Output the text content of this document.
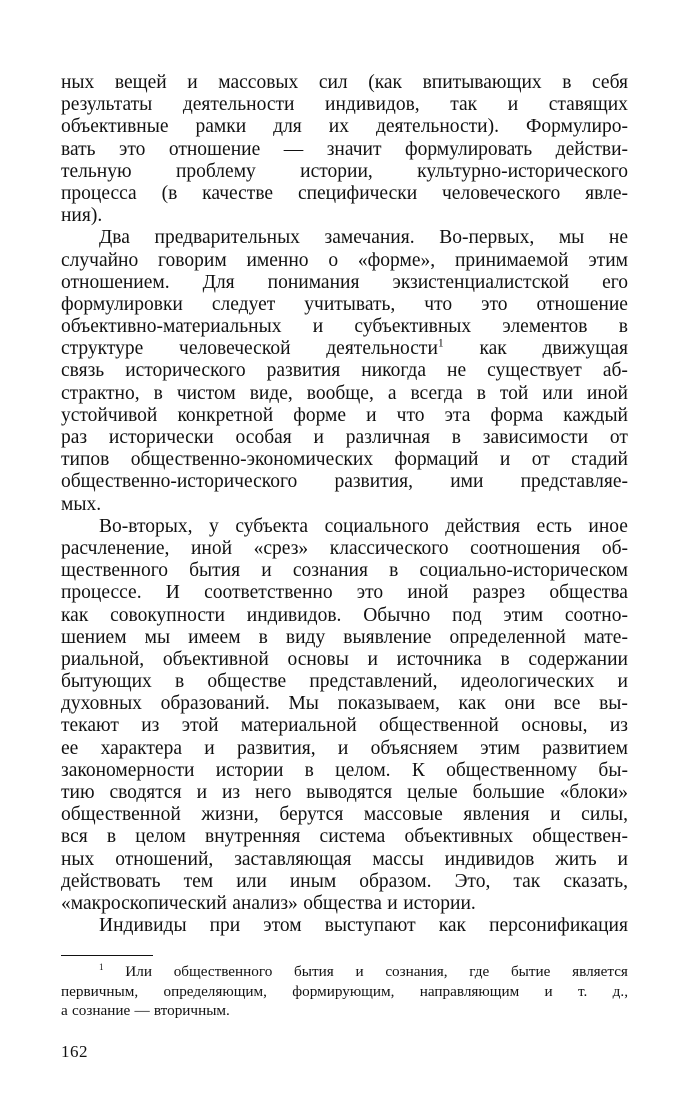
ных вещей и массовых сил (как впитывающих в себя
результаты деятельности индивидов, так и ставящих
объективные рамки для их деятельности). Формулиро-
вать это отношение — значит формулировать действи-
тельную проблему истории, культурно-исторического
процесса (в качестве специфически человеческого явле-
ния).
Два предварительных замечания. Во-первых, мы не
случайно говорим именно о «форме», принимаемой этим
отношением. Для понимания экзистенциалистской его
формулировки следует учитывать, что это отношение
объективно-материальных и субъективных элементов в
структуре человеческой деятельности$^1$ как движущая
связь исторического развития никогда не существует аб-
страктно, в чистом виде, вообще, а всегда в той или иной
устойчивой конкретной форме и что эта форма каждый
раз исторически особая и различная в зависимости от
типов общественно-экономических формаций и от стадий
общественно-исторического развития, ими представляе-
мых.
Во-вторых, у субъекта социального действия есть иное
расчленение, иной «срез» классического соотношения об-
щественного бытия и сознания в социально-историческом
процессе. И соответственно это иной разрез общества
как совокупности индивидов. Обычно под этим соотно-
шением мы имеем в виду выявление определенной мате-
риальной, объективной основы и источника в содержании
бытующих в обществе представлений, идеологических и
духовных образований. Мы показываем, как они все вы-
текают из этой материальной общественной основы, из
ее характера и развития, и объясняем этим развитием
закономерности истории в целом. К общественному бы-
тию сводятся и из него выводятся целые большие «блоки»
общественной жизни, берутся массовые явления и силы,
вся в целом внутренняя система объективных обществен-
ных отношений, заставляющая массы индивидов жить и
действовать тем или иным образом. Это, так сказать,
«макроскопический анализ» общества и истории.
Индивиды при этом выступают как персонификация
$^1$ Или общественного бытия и сознания, где бытие является
первичным, определяющим, формирующим, направляющим и т. д.,
а сознание — вторичным.
162
